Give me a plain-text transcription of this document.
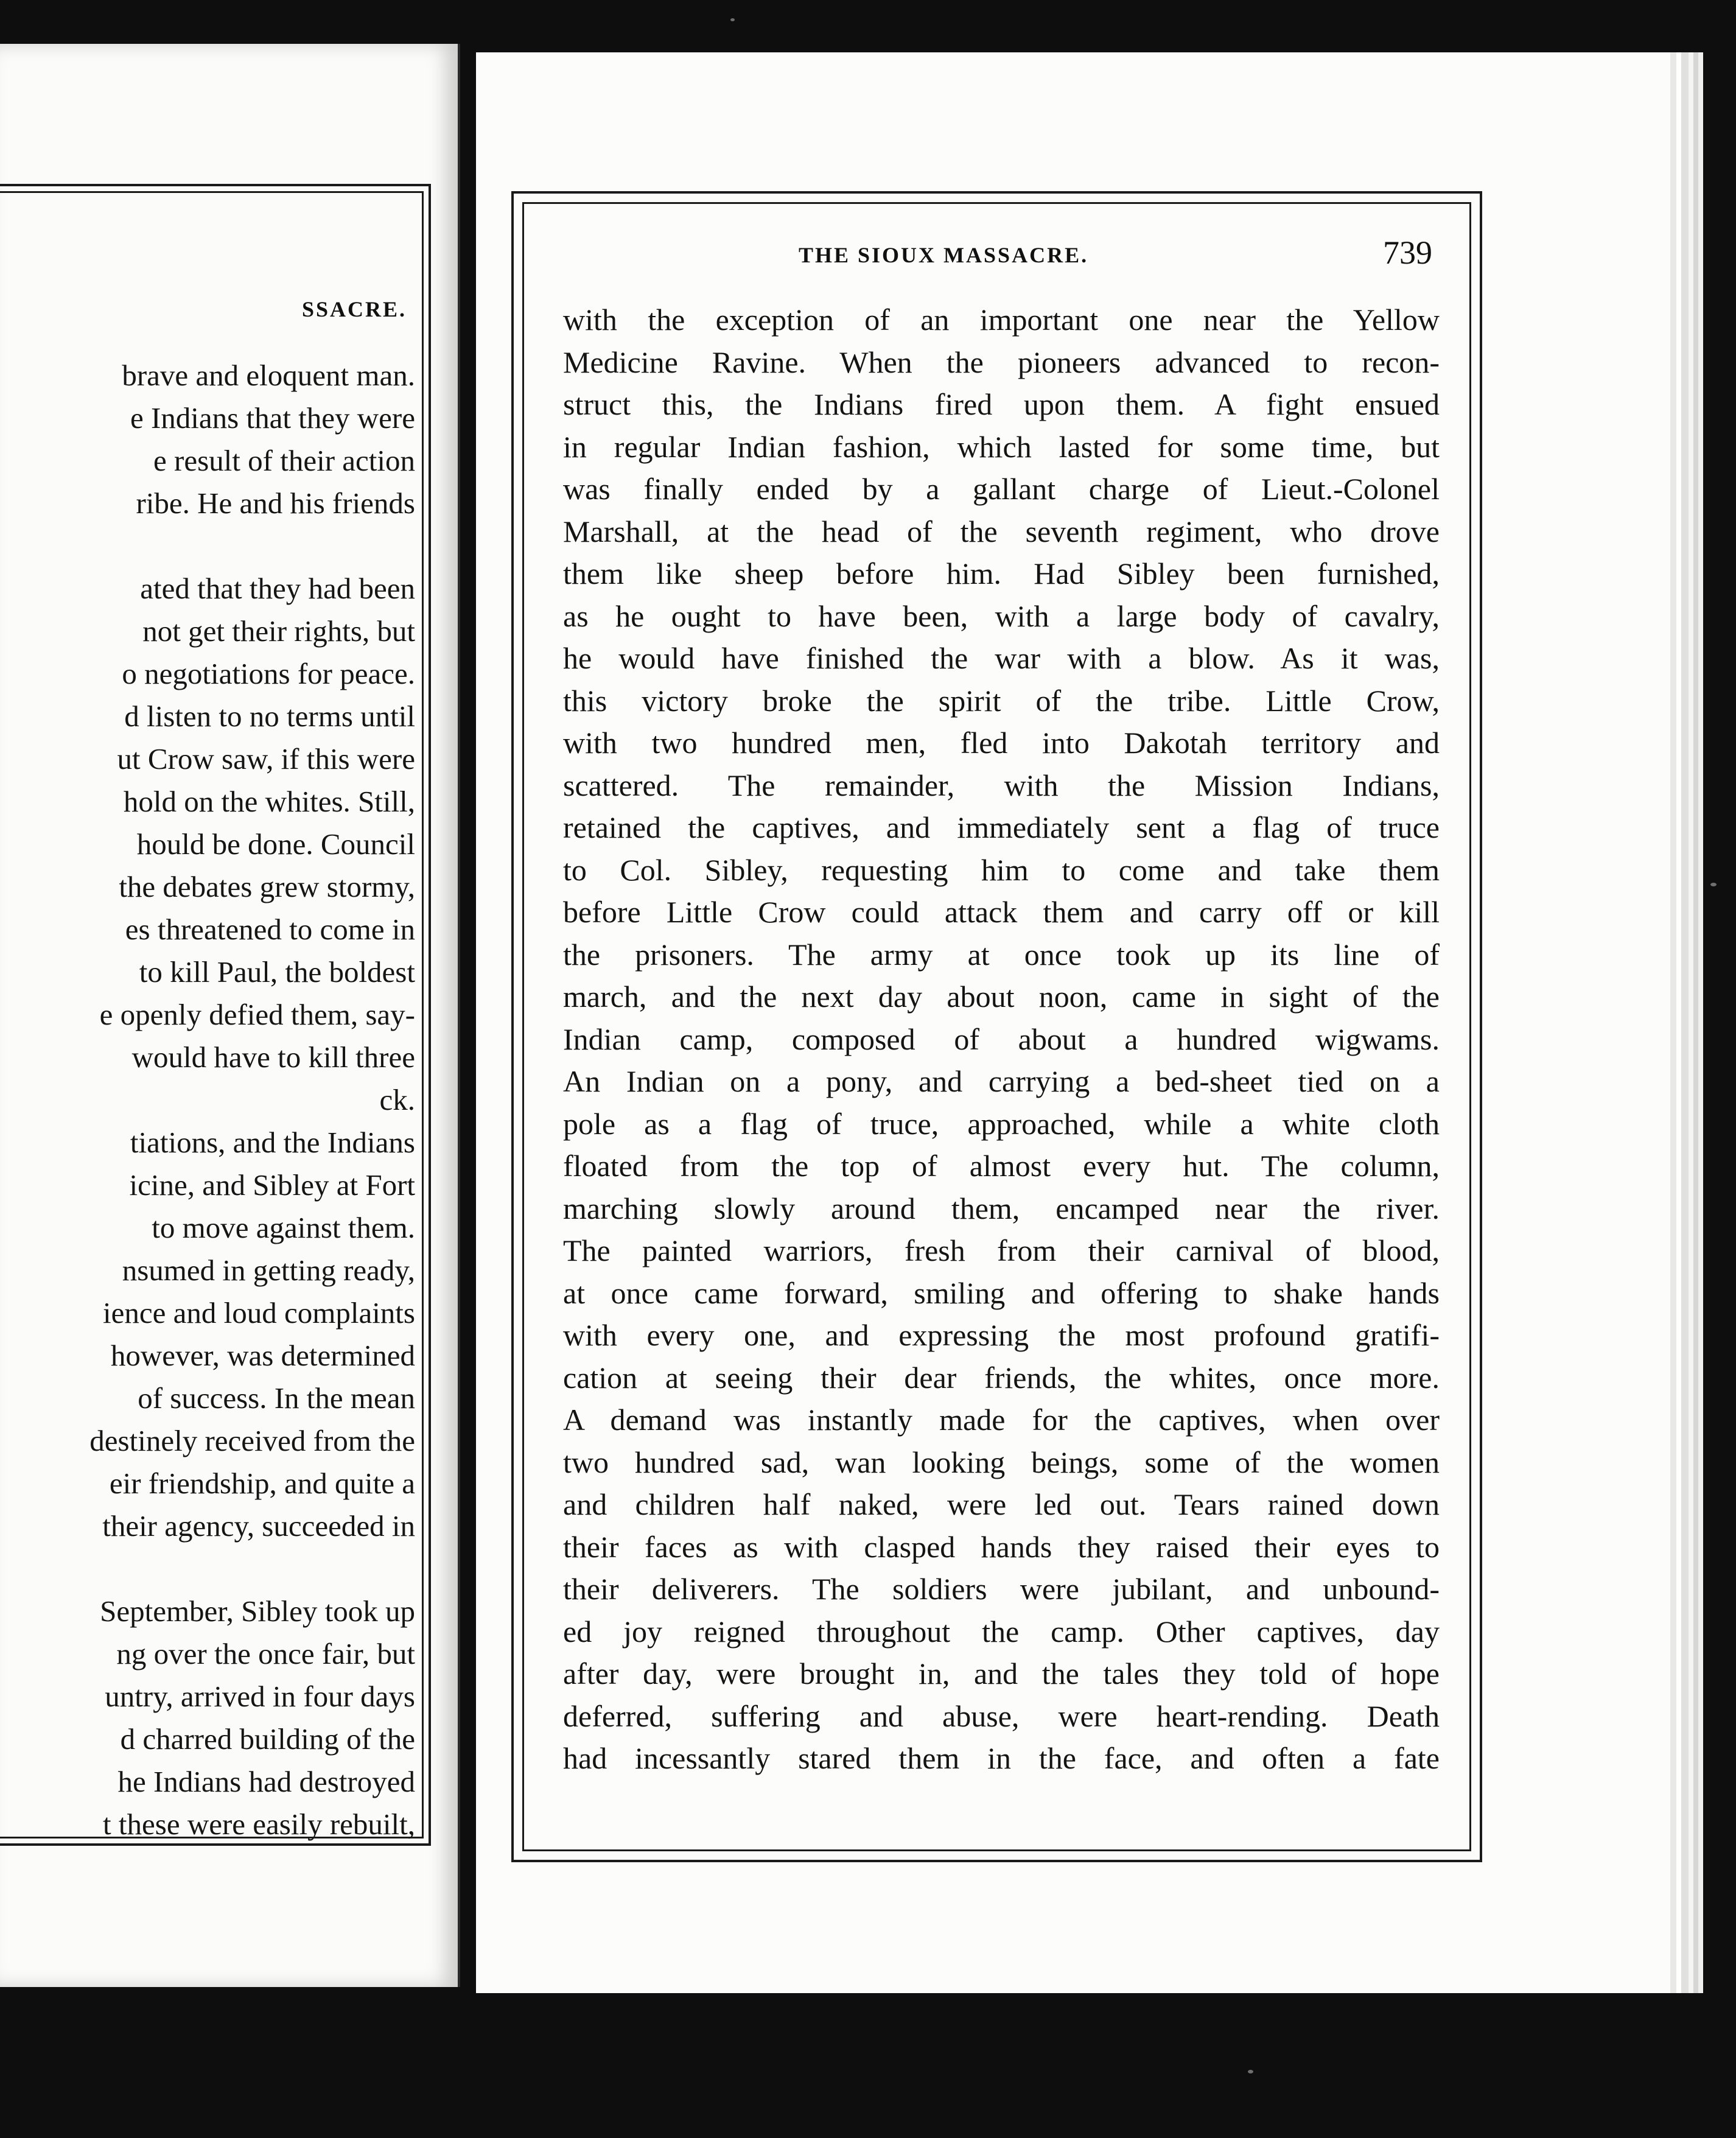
SSACRE.
brave and eloquent man.
e Indians that they were
e result of their action
ribe. He and his friends
ated that they had been
not get their rights, but
o negotiations for peace.
d listen to no terms until
ut Crow saw, if this were
hold on the whites. Still,
hould be done. Council
the debates grew stormy,
es threatened to come in
to kill Paul, the boldest
e openly defied them, say-
would have to kill three
ck.
tiations, and the Indians
icine, and Sibley at Fort
to move against them.
nsumed in getting ready,
ience and loud complaints
however, was determined
of success. In the mean
destinely received from the
eir friendship, and quite a
their agency, succeeded in
September, Sibley took up
ng over the once fair, but
untry, arrived in four days
d charred building of the
he Indians had destroyed
t these were easily rebuilt,
THE SIOUX MASSACRE.	739
with the exception of an important one near the Yellow
Medicine Ravine. When the pioneers advanced to recon-
struct this, the Indians fired upon them. A fight ensued
in regular Indian fashion, which lasted for some time, but
was finally ended by a gallant charge of Lieut.-Colonel
Marshall, at the head of the seventh regiment, who drove
them like sheep before him. Had Sibley been furnished,
as he ought to have been, with a large body of cavalry,
he would have finished the war with a blow. As it was,
this victory broke the spirit of the tribe. Little Crow,
with two hundred men, fled into Dakotah territory and
scattered. The remainder, with the Mission Indians,
retained the captives, and immediately sent a flag of truce
to Col. Sibley, requesting him to come and take them
before Little Crow could attack them and carry off or kill
the prisoners. The army at once took up its line of
march, and the next day about noon, came in sight of the
Indian camp, composed of about a hundred wigwams.
An Indian on a pony, and carrying a bed-sheet tied on a
pole as a flag of truce, approached, while a white cloth
floated from the top of almost every hut. The column,
marching slowly around them, encamped near the river.
The painted warriors, fresh from their carnival of blood,
at once came forward, smiling and offering to shake hands
with every one, and expressing the most profound gratifi-
cation at seeing their dear friends, the whites, once more.
A demand was instantly made for the captives, when over
two hundred sad, wan looking beings, some of the women
and children half naked, were led out. Tears rained down
their faces as with clasped hands they raised their eyes to
their deliverers. The soldiers were jubilant, and unbound-
ed joy reigned throughout the camp. Other captives, day
after day, were brought in, and the tales they told of hope
deferred, suffering and abuse, were heart-rending. Death
had incessantly stared them in the face, and often a fate
